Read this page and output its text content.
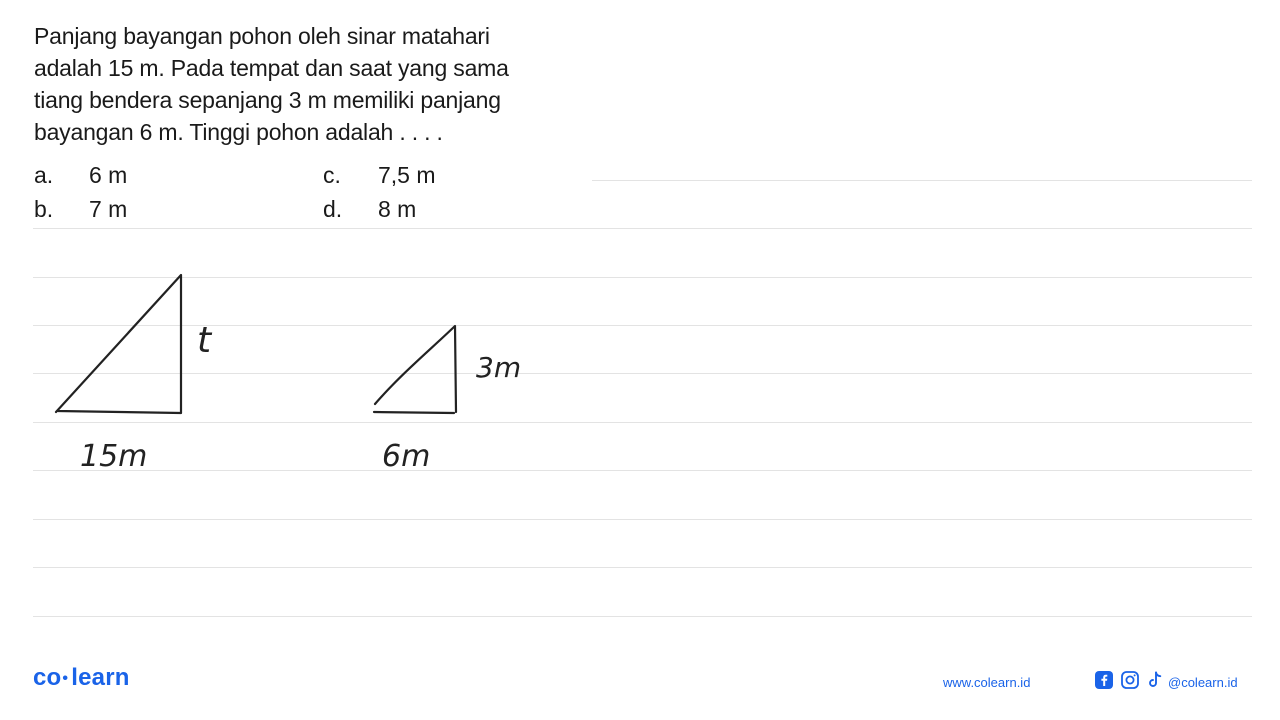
Panjang bayangan pohon oleh sinar matahari
adalah 15 m. Pada tempat dan saat yang sama
tiang bendera sepanjang 3 m memiliki panjang
bayangan 6 m. Tinggi pohon adalah . . . .
a. 6 m	c. 7,5 m
b. 7 m	d. 8 m
t
15m
3m
6m
co• learn	www.colearn.id	@colearn.id
